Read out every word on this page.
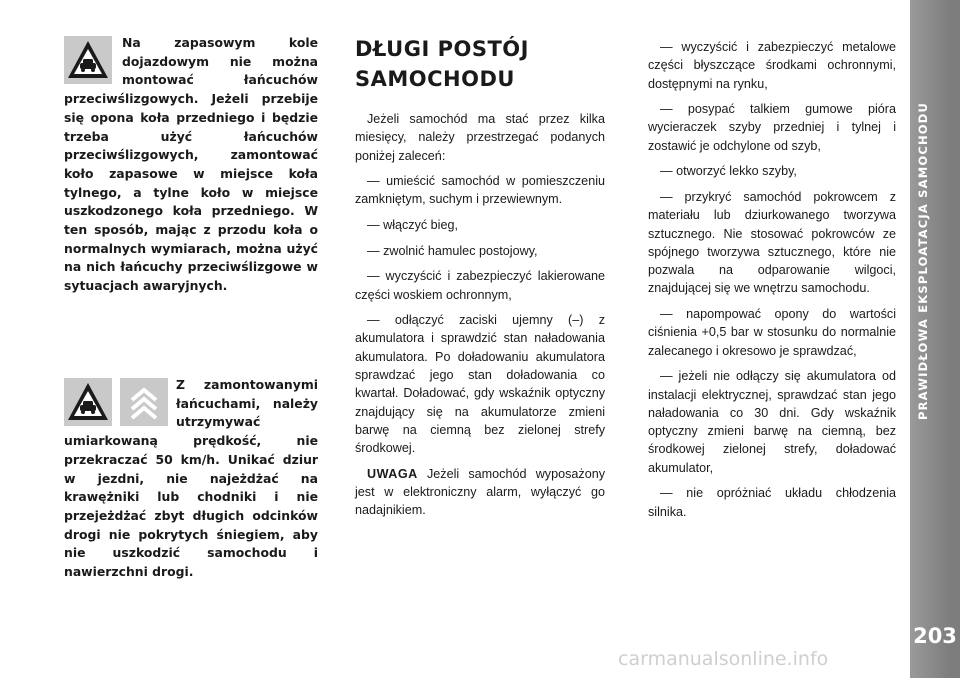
PRAWIDŁOWA EKSPLOATACJA SAMOCHODU
203
Na zapasowym kole dojazdowym nie można montować łańcuchów przeciwślizgowych. Jeżeli przebije się opona koła przedniego i będzie trzeba użyć łańcuchów przeciwślizgowych, zamontować koło zapasowe w miejsce koła tylnego, a tylne koło w miejsce uszkodzonego koła przedniego. W ten sposób, mając z przodu koła o normalnych wymiarach, można użyć na nich łańcuchy przeciwślizgowe w sytuacjach awaryjnych.
Z zamontowanymi łańcuchami, należy utrzymywać umiarkowaną prędkość, nie przekraczać 50 km/h. Unikać dziur w jezdni, nie najeżdżać na krawężniki lub chodniki i nie przejeżdżać zbyt długich odcinków drogi nie pokrytych śniegiem, aby nie uszkodzić samochodu i nawierzchni drogi.
DŁUGI POSTÓJ
SAMOCHODU

Jeżeli samochód ma stać przez kilka miesięcy, należy przestrzegać podanych poniżej zaleceń:

— umieścić samochód w pomieszczeniu zamkniętym, suchym i przewiewnym.

— włączyć bieg,

— zwolnić hamulec postojowy,

— wyczyścić i zabezpieczyć lakierowane części woskiem ochronnym,

— odłączyć zaciski ujemny (–) z akumulatora i sprawdzić stan naładowania akumulatora. Po doładowaniu akumulatora sprawdzać jego stan doładowania co kwartał. Doładować, gdy wskaźnik optyczny znajdujący się na akumulatorze zmieni barwę na ciemną bez zielonej strefy środkowej.

UWAGA Jeżeli samochód wyposażony jest w elektroniczny alarm, wyłączyć go nadajnikiem.

— wyczyścić i zabezpieczyć metalowe części błyszczące środkami ochronnymi, dostępnymi na rynku,

— posypać talkiem gumowe pióra wycieraczek szyby przedniej i tylnej i zostawić je odchylone od szyb,

— otworzyć lekko szyby,

— przykryć samochód pokrowcem z materiału lub dziurkowanego tworzywa sztucznego. Nie stosować pokrowców ze spójnego tworzywa sztucznego, które nie pozwala na odparowanie wilgoci, znajdującej się we wnętrzu samochodu.

— napompować opony do wartości ciśnienia +0,5 bar w stosunku do normalnie zalecanego i okresowo je sprawdzać,

— jeżeli nie odłączy się akumulatora od instalacji elektrycznej, sprawdzać stan jego naładowania co 30 dni. Gdy wskaźnik optyczny zmieni barwę na ciemną, bez środkowej zielonej strefy, doładować akumulator,

— nie opróżniać układu chłodzenia silnika.

carmanualsonline.info
